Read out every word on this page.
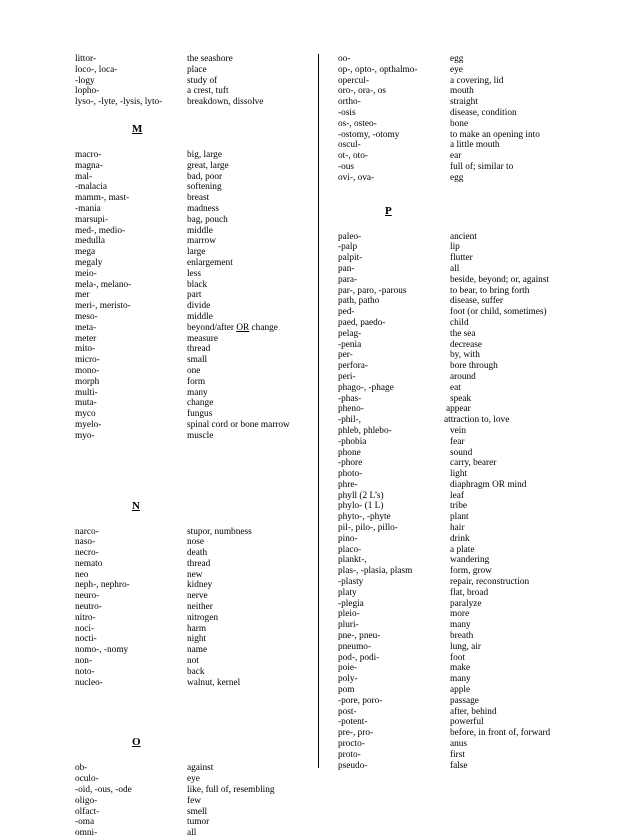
littor-	the seashore
loco-, loca-	place
-logy	study of
lopho-	a crest, tuft
lyso-, -lyte, -lysis, lyto-	breakdown, dissolve
M
macro-	big, large
magna-	great, large
mal-	bad, poor
-malacia	softening
mamm-, mast-	breast
-mania	madness
marsupi-	bag, pouch
med-, medio-	middle
medulla	marrow
mega	large
megaly	enlargement
meio-	less
mela-, melano-	black
mer	part
meri-, meristo-	divide
meso-	middle
meta-	beyond/after OR change
meter	measure
mito-	thread
micro-	small
mono-	one
morph	form
multi-	many
muta-	change
myco	fungus
myelo-	spinal cord or bone marrow
myo-	muscle
N
narco-	stupor, numbness
naso-	nose
necro-	death
nemato	thread
neo	new
neph-, nephro-	kidney
neuro-	nerve
neutro-	neither
nitro-	nitrogen
noci-	harm
nocti-	night
nomo-, -nomy	name
non-	not
noto-	back
nucleo-	walnut, kernel
O
ob-	against
oculo-	eye
-oid, -ous, -ode	like, full of, resembling
oligo-	few
olfact-	smell
-oma	tumor
omni-	all
oo-	egg
op-, opto-, opthalmo-	eye
opercul-	a covering, lid
oro-, ora-, os	mouth
ortho-	straight
-osis	disease, condition
os-, osteo-	bone
-ostomy, -otomy	to make an opening into
oscul-	a little mouth
ot-, oto-	ear
-ous	full of; similar to
ovi-, ova-	egg
P
paleo-	ancient
-palp	lip
palpit-	flutter
pan-	all
para-	beside, beyond; or, against
par-, paro, -parous	to bear, to bring forth
path, patho	disease, suffer
ped-	foot (or child, sometimes)
paed, paedo-	child
pelag-	the sea
-penia	decrease
per-	by, with
perfora-	bore through
peri-	around
phago-, -phage	eat
-phas-	speak
pheno-	appear
-phil-,	attraction to, love
phleb, phlebo-	vein
-phobia	fear
phone	sound
-phore	carry, bearer
photo-	light
phre-	diaphragm OR mind
phyll (2 L’s)	leaf
phylo- (1 L)	tribe
phyto-, -phyte	plant
pil-, pilo-, pillo-	hair
pino-	drink
placo-	a plate
plankt-,	wandering
plas-, -plasia, plasm	form, grow
-plasty	repair, reconstruction
platy	flat, broad
-plegia	paralyze
pleio-	more
pluri-	many
pne-, pneu-	breath
pneumo-	lung, air
pod-, podi-	foot
poie-	make
poly-	many
pom	apple
-pore, poro-	passage
post-	after, behind
-potent-	powerful
pre-, pro-	before, in front of, forward
procto-	anus
proto-	first
pseudo-	false
